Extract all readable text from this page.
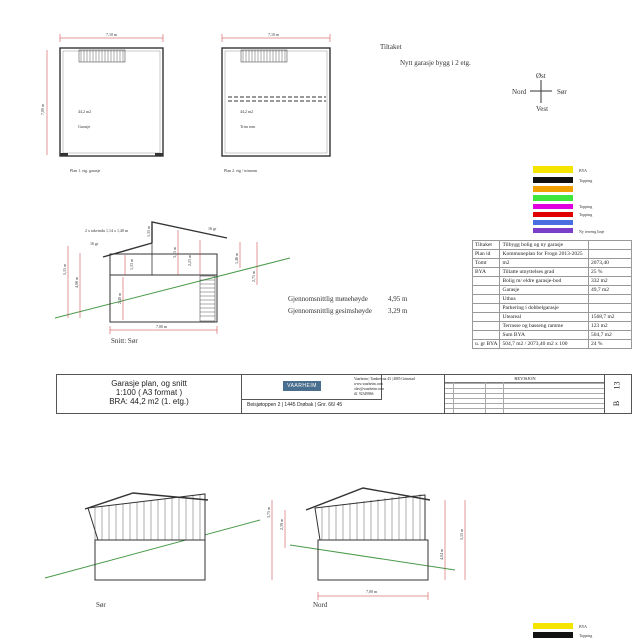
7,10 m
7,00 m	44,2 m2
Garasje
Plan 1. etg. garasje
7,10 m
44,2 m2
Trim rom
Plan 2. etg / trimrom
Tiltaket
Nytt garasje bygg i 2 etg.
Øst
Nord	Sør
Vest
BYA
Topping
Topping
Topping
Ny terreng linje
2 x takvindu 1,14 x 1,40 m
16 gr
16 gr
5,15 m
4,06 m
1,33 m
3,15 m
2,23 m
2,40 m
1,35 m
2,75 m
1,46 m
7,00 m
Snitt: Sør
Gjennomsnittlig mønehøyde	4,95 m
Gjennomsnittlig gesimshøyde 3,29 m
Sør
7,00 m
2,39 m
3,75 m
4,04 m
5,15 m
Nord
BYA
Topping
Tiltaket	Tilbygg bolig og ny garasje	
Plan id	Kommuneplan for Frogn 2013-2025	
Tomt	m2	2073,40
BYA	Tillatte utnyttelses grad	25 %
	Bolig m/ eldre garasje-bod	332 m2
	Garasje	49,7 m2
	Uthus	
	Parkering i dobbelgarasje	
	Uteareal	1568,7 m2
	Terrasse og basseng ramme	123 m2
	Sum BYA	504,7 m2
u. gr BYA	504,7 m2 / 2073,40 m2 x 100	24 %
Garasje plan, og snitt
1:100 ( A3 format )
BRA: 44,2 m2 (1. etg.)
VAARHEIM
Vaarheim | Tambrevna 43 | 4885 Grimstad
www.vaarheim.com
olav@vaarheim.com
tlf. 92349866
Beisjøtoppen 2 | 1445 Drøbak | Gnr. 66/ 45
REVISJON
13
B
